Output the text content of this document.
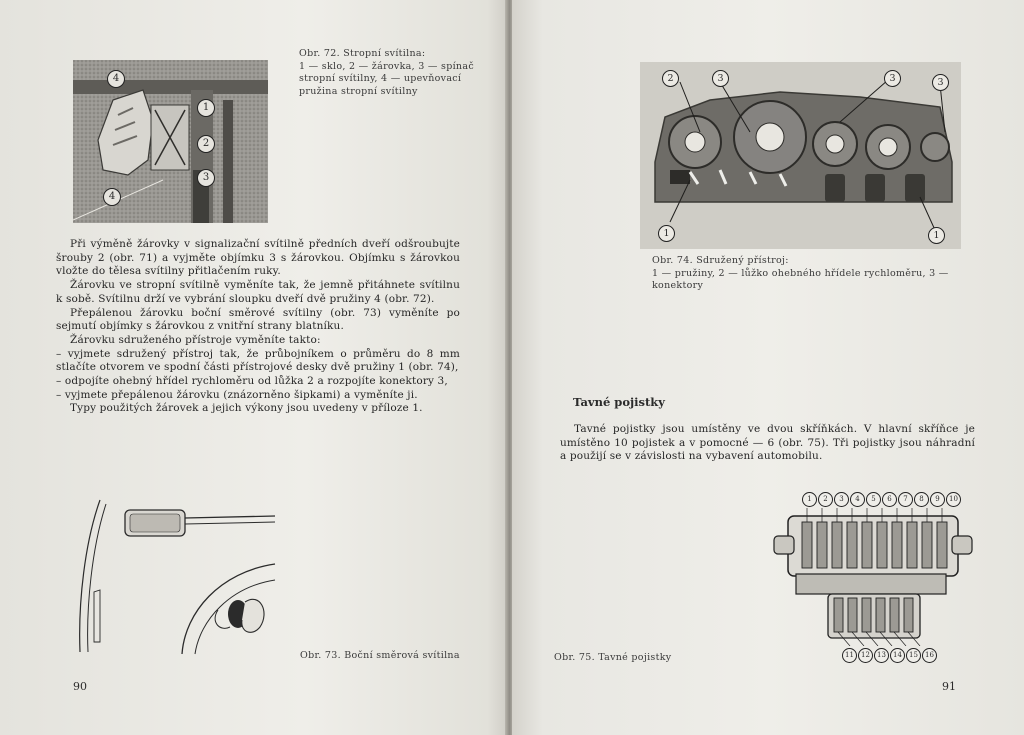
4
1
2
3
4
Obr. 72. Stropní svítilna:
1 — sklo, 2 — žárovka, 3 — spínač
stropní svítilny, 4 — upevňovací
pružina stropní svítilny

Při výměně žárovky v signalizační svítilně předních dveří odšroubujte šrouby 2 (obr. 71) a vyjměte objímku 3 s žárovkou. Objímku s žárovkou vložte do tělesa svítilny přitlačením ruky.

Žárovku ve stropní svítilně vyměníte tak, že jemně přitáhnete svítilnu k sobě. Svítilnu drží ve vybrání sloupku dveří dvě pružiny 4 (obr. 72).

Přepálenou žárovku boční směrové svítilny (obr. 73) vyměníte po sejmutí objímky s žárovkou z vnitřní strany blatníku.

Žárovku sdruženého přístroje vyměníte takto:

– vyjmete sdružený přístroj tak, že průbojníkem o průměru do 8 mm stlačíte otvorem ve spodní části přístrojové desky dvě pružiny 1 (obr. 74),

– odpojíte ohebný hřídel rychloměru od lůžka 2 a rozpojíte konektory 3,

– vyjmete přepálenou žárovku (znázorněno šipkami) a vyměníte ji.

Typy použitých žárovek a jejich výkony jsou uvedeny v příloze 1.

Obr. 73. Boční směrová svítilna
90
2	3	3	3
1	1
Obr. 74. Sdružený přístroj:
1 — pružiny, 2 — lůžko ohebného hřídele rychloměru, 3 —
konektory
Tavné pojistky

Tavné pojistky jsou umístěny ve dvou skříňkách. V hlavní skříňce je umístěno 10 pojistek a v pomocné — 6 (obr. 75). Tři pojistky jsou náhradní a použijí se v závislosti na vybavení automobilu.

1	2	3	4	5	6	7	8	9	10
11	12	13	14	15	16
Obr. 75. Tavné pojistky
91
